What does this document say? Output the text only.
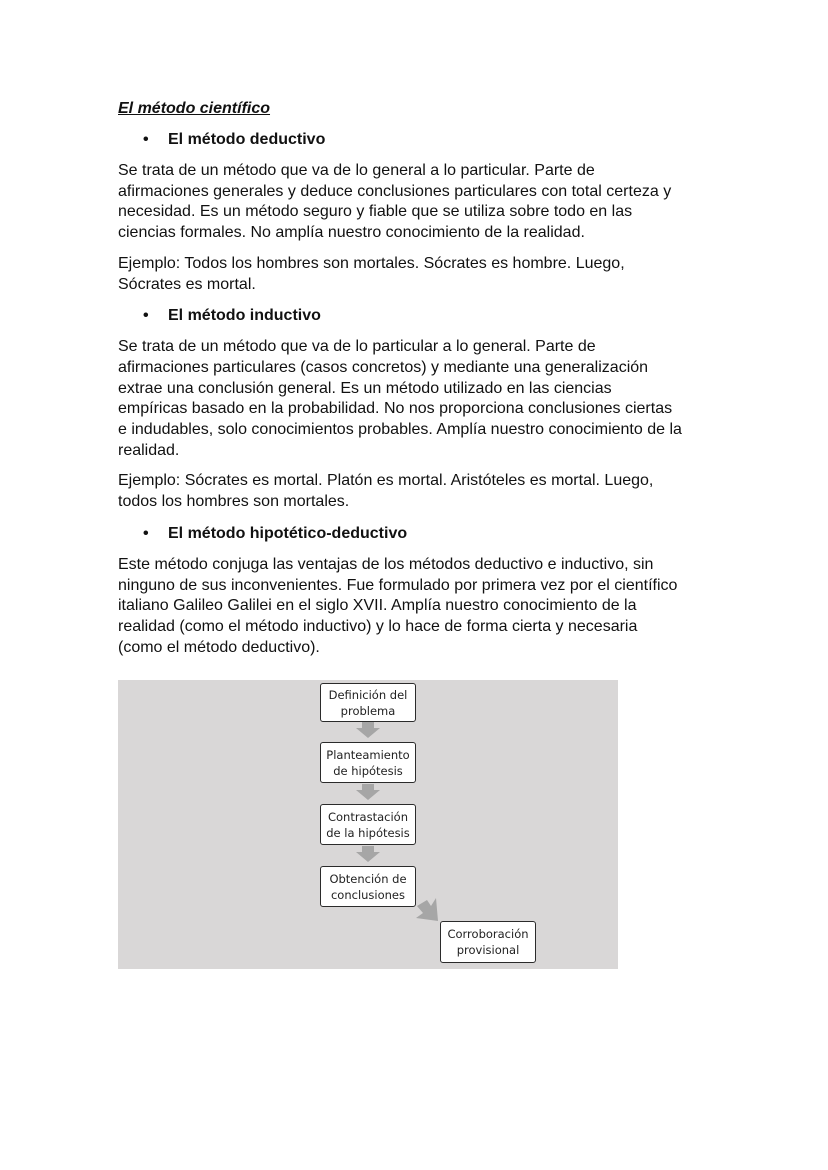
El método científico
• El método deductivo

Se trata de un método que va de lo general a lo particular. Parte de
afirmaciones generales y deduce conclusiones particulares con total certeza y
necesidad. Es un método seguro y fiable que se utiliza sobre todo en las
ciencias formales. No amplía nuestro conocimiento de la realidad.

Ejemplo: Todos los hombres son mortales. Sócrates es hombre. Luego,
Sócrates es mortal.

• El método inductivo

Se trata de un método que va de lo particular a lo general. Parte de
afirmaciones particulares (casos concretos) y mediante una generalización
extrae una conclusión general. Es un método utilizado en las ciencias
empíricas basado en la probabilidad. No nos proporciona conclusiones ciertas
e indudables, solo conocimientos probables. Amplía nuestro conocimiento de la
realidad.

Ejemplo: Sócrates es mortal. Platón es mortal. Aristóteles es mortal. Luego,
todos los hombres son mortales.

• El método hipotético-deductivo

Este método conjuga las ventajas de los métodos deductivo e inductivo, sin
ninguno de sus inconvenientes. Fue formulado por primera vez por el científico
italiano Galileo Galilei en el siglo XVII. Amplía nuestro conocimiento de la
realidad (como el método inductivo) y lo hace de forma cierta y necesaria
(como el método deductivo).

Definición del
problema
Planteamiento
de hipótesis
Contrastación
de la hipótesis
Obtención de
conclusiones
Corroboración
provisional
